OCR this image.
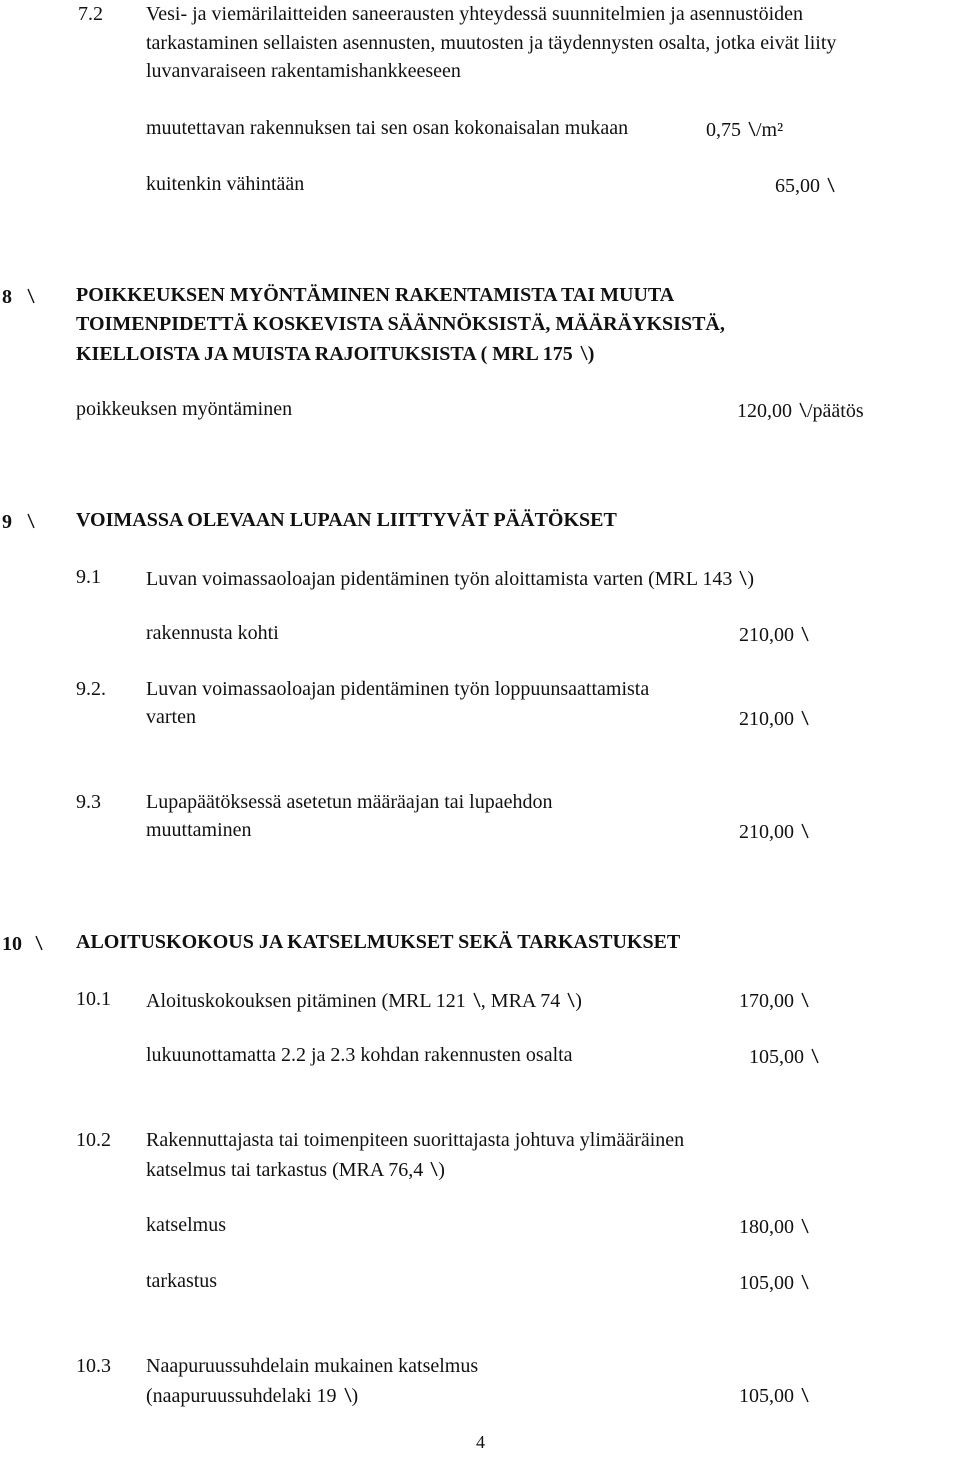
7.2 Vesi- ja viemärilaitteiden saneerausten yhteydessä suunnitelmien ja asennustöiden
tarkastaminen sellaisten asennusten, muutosten ja täydennysten osalta, jotka eivät liity
luvanvaraiseen rakentamishankkeeseen
muutettavan rakennuksen tai sen osan kokonaisalan mukaan	0,75 /m²
kuitenkin vähintään	65,00
8	POIKKEUKSEN MYÖNTÄMINEN RAKENTAMISTA TAI MUUTA
TOIMENPIDETTÄ KOSKEVISTA SÄÄNNÖKSISTÄ, MÄÄRÄYKSISTÄ,
KIELLOISTA JA MUISTA RAJOITUKSISTA ( MRL 175 )
poikkeuksen myöntäminen	120,00 /päätös
9	VOIMASSA OLEVAAN LUPAAN LIITTYVÄT PÄÄTÖKSET
9.1 Luvan voimassaoloajan pidentäminen työn aloittamista varten (MRL 143 )
rakennusta kohti	210,00
9.2. Luvan voimassaoloajan pidentäminen työn loppuunsaattamista
varten	210,00
9.3 Lupapäätöksessä asetetun määräajan tai lupaehdon
muuttaminen	210,00
10	ALOITUSKOKOUS JA KATSELMUKSET SEKÄ TARKASTUKSET
10.1 Aloituskokouksen pitäminen (MRL 121 , MRA 74 )	170,00
lukuunottamatta 2.2 ja 2.3 kohdan rakennusten osalta	105,00
10.2 Rakennuttajasta tai toimenpiteen suorittajasta johtuva ylimääräinen
katselmus tai tarkastus (MRA 76,4 )
katselmus	180,00
tarkastus	105,00
10.3 Naapuruussuhdelain mukainen katselmus
(naapuruussuhdelaki 19 )	105,00
4
